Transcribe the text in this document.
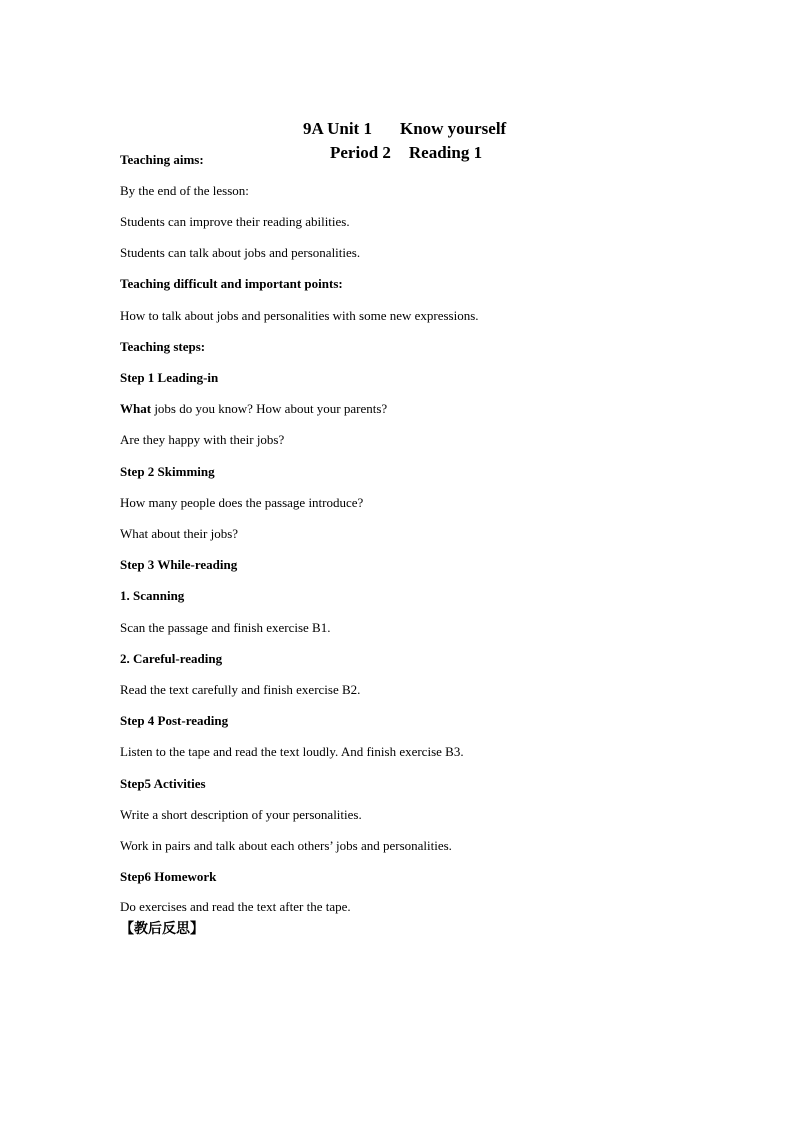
9A Unit 1 Know yourself

Period 2 Reading 1

Teaching aims:
By the end of the lesson:
Students can improve their reading abilities.
Students can talk about jobs and personalities.
Teaching difficult and important points:
How to talk about jobs and personalities with some new expressions.
Teaching steps:
Step 1 Leading-in
What jobs do you know? How about your parents?
Are they happy with their jobs?
Step 2 Skimming
How many people does the passage introduce?
What about their jobs?
Step 3 While-reading
1. Scanning
Scan the passage and finish exercise B1.
2. Careful-reading
Read the text carefully and finish exercise B2.
Step 4 Post-reading
Listen to the tape and read the text loudly. And finish exercise B3.
Step5 Activities
Write a short description of your personalities.
Work in pairs and talk about each others’ jobs and personalities.
Step6 Homework
Do exercises and read the text after the tape.
【教后反思】
